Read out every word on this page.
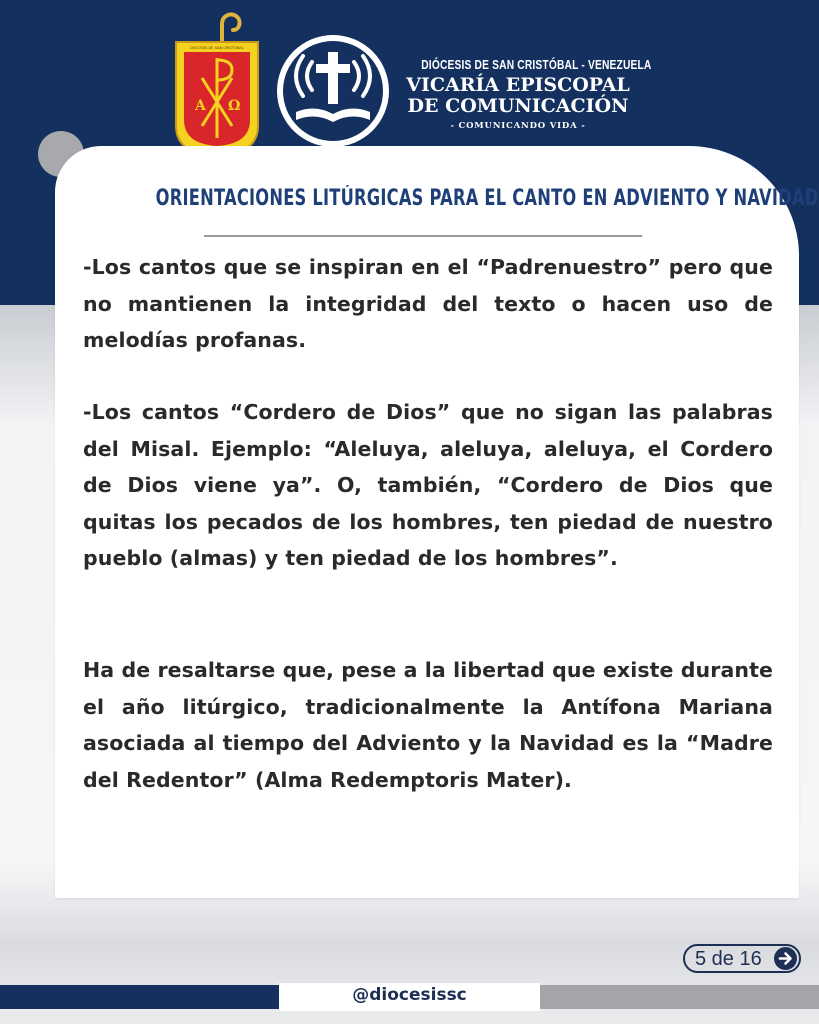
A Ω
DIÓCESIS DE SAN CRISTÓBAL
DIÓCESIS DE SAN CRISTÓBAL - VENEZUELA
VICARÍA EPISCOPAL
DE COMUNICACIÓN
- COMUNICANDO VIDA -
ORIENTACIONES LITÚRGICAS PARA EL CANTO EN ADVIENTO Y NAVIDAD

-Los cantos que se inspiran en el “Padrenuestro” pero que no mantienen la integridad del texto o hacen uso de melodías profanas.

-Los cantos “Cordero de Dios” que no sigan las palabras del Misal. Ejemplo: “Aleluya, aleluya, aleluya, el Cordero de Dios viene ya”. O, también, “Cordero de Dios que quitas los pecados de los hombres, ten piedad de nuestro pueblo (almas) y ten piedad de los hombres”.

Ha de resaltarse que, pese a la libertad que existe durante el año litúrgico, tradicionalmente la Antífona Mariana asociada al tiempo del Adviento y la Navidad es la “Madre del Redentor” (Alma Redemptoris Mater).

5 de 16
@diocesissc
